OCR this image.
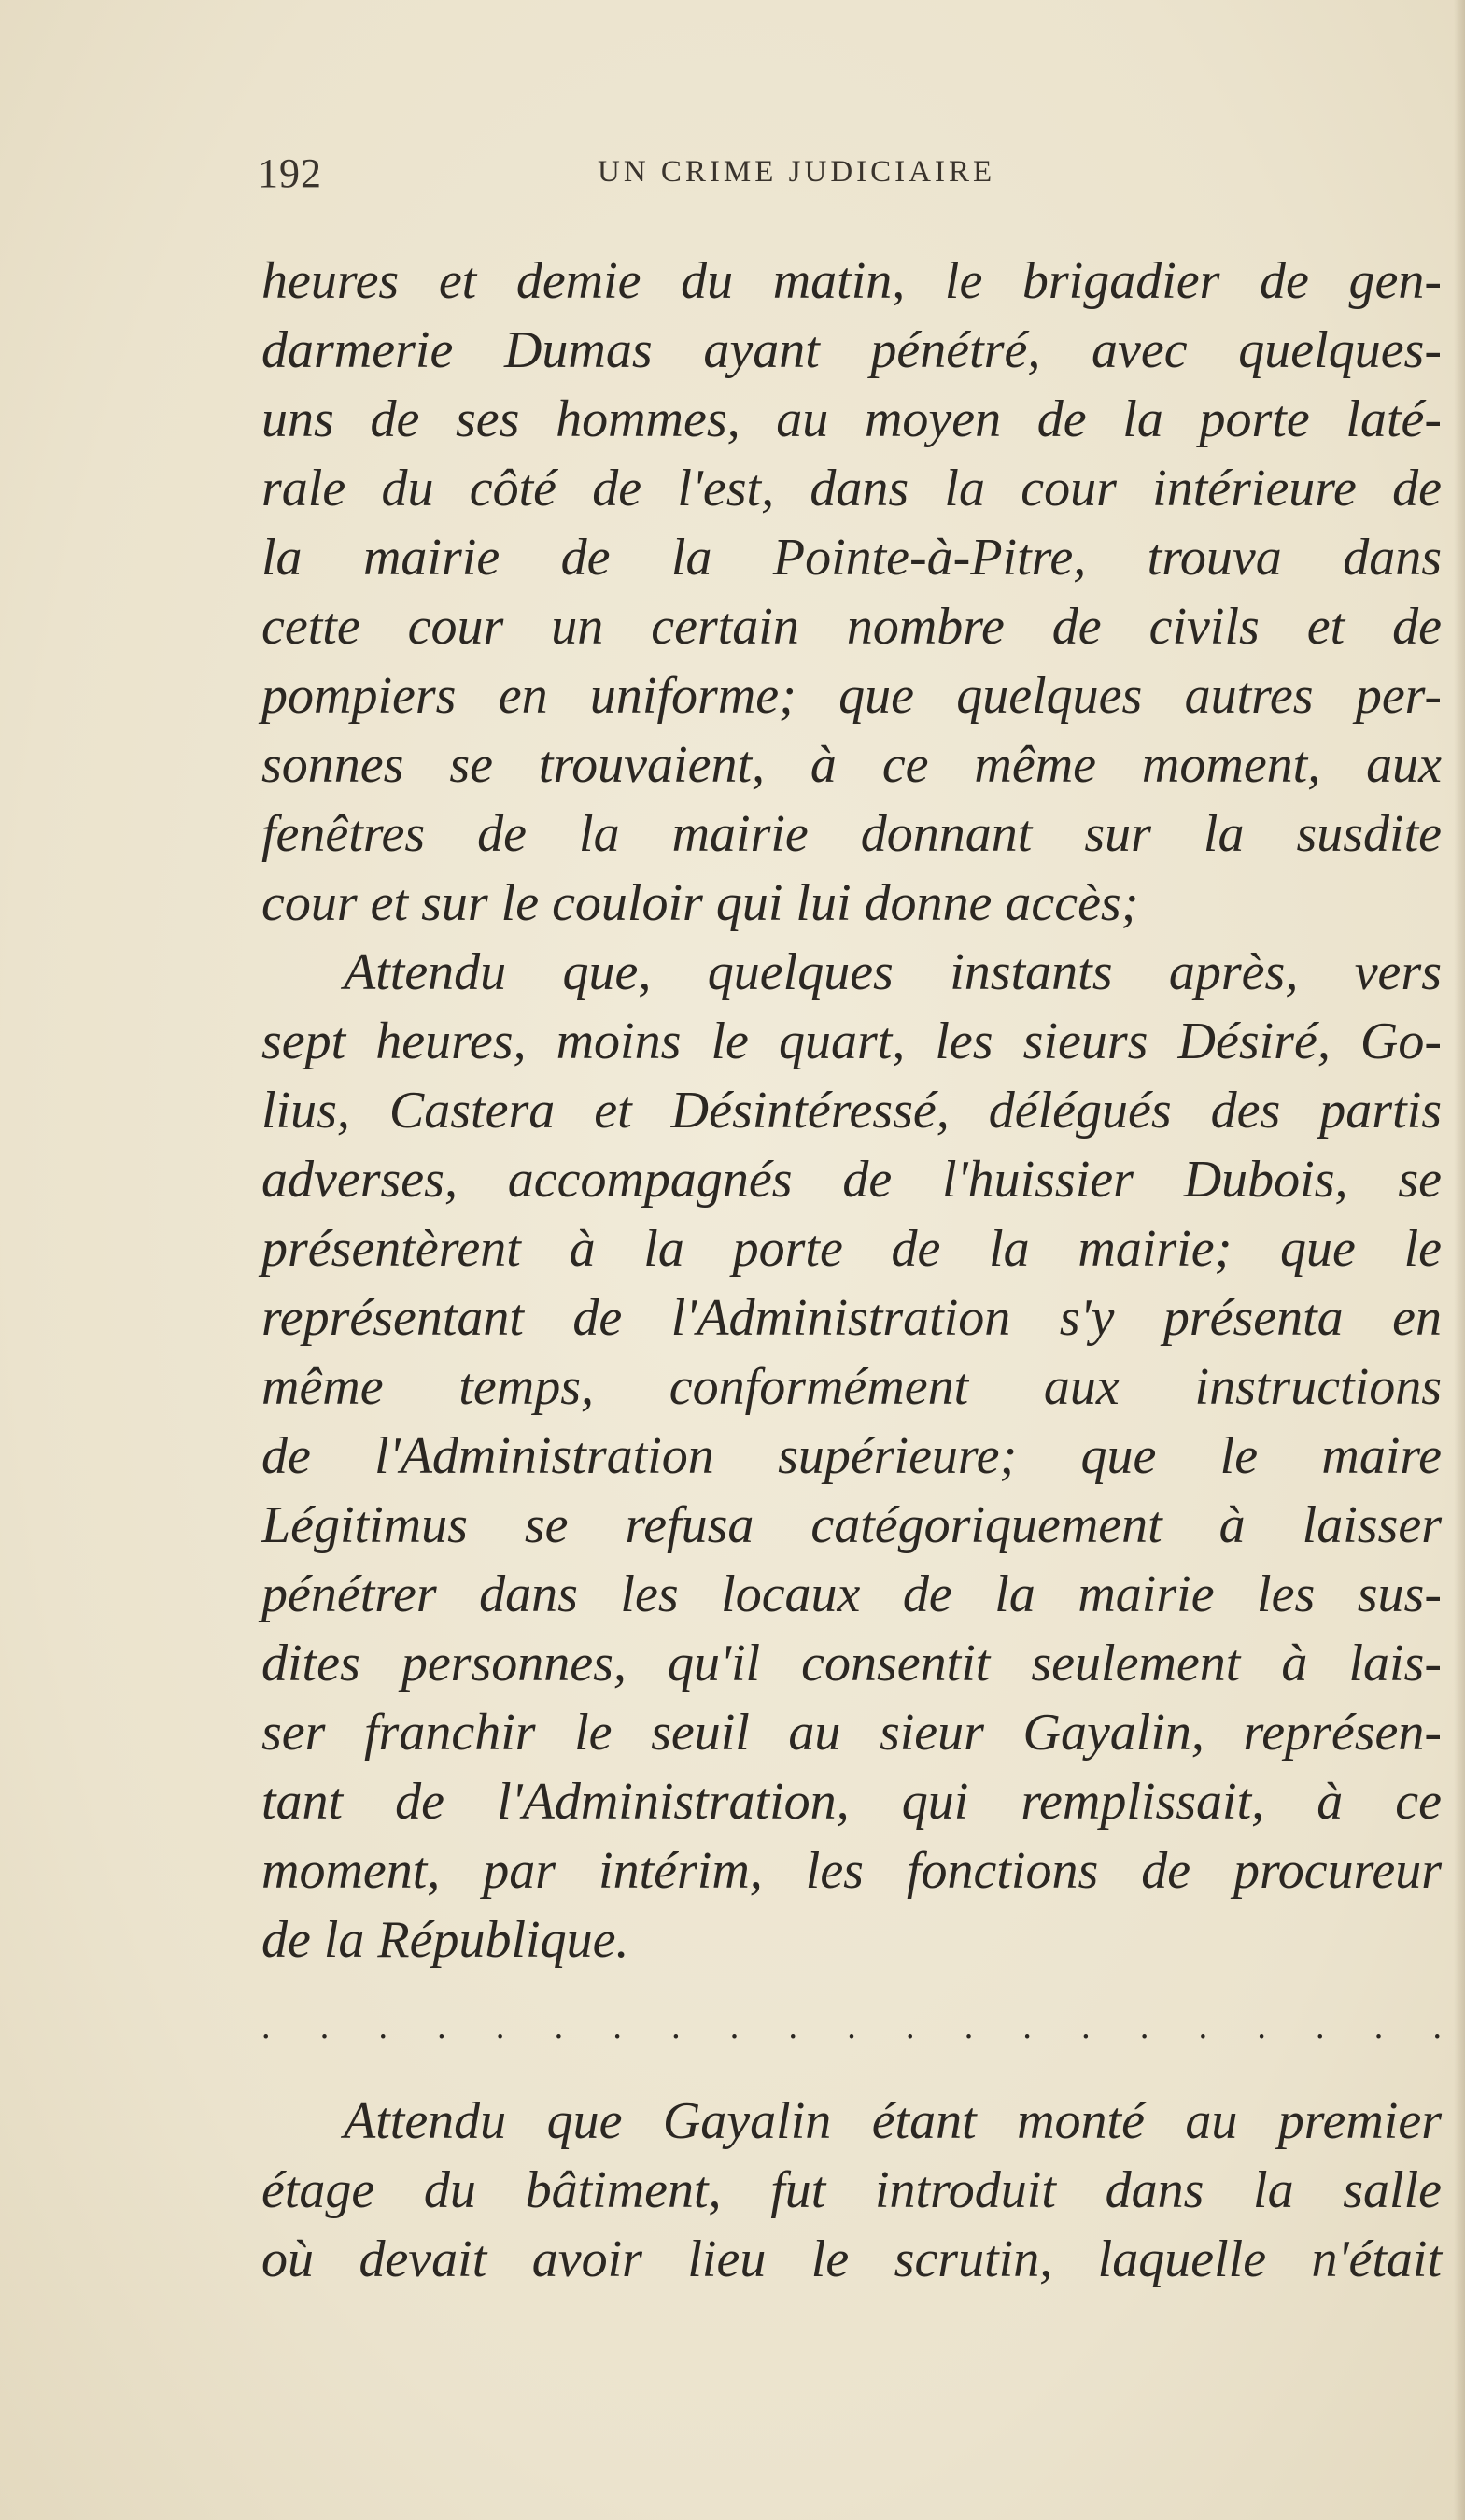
192	UN CRIME JUDICIAIRE
heures et demie du matin, le brigadier de gen-
darmerie Dumas ayant pénétré, avec quelques-
uns de ses hommes, au moyen de la porte laté-
rale du côté de l'est, dans la cour intérieure de
la mairie de la Pointe-à-Pitre, trouva dans
cette cour un certain nombre de civils et de
pompiers en uniforme; que quelques autres per-
sonnes se trouvaient, à ce même moment, aux
fenêtres de la mairie donnant sur la susdite
cour et sur le couloir qui lui donne accès;
Attendu que, quelques instants après, vers
sept heures, moins le quart, les sieurs Désiré, Go-
lius, Castera et Désintéressé, délégués des partis
adverses, accompagnés de l'huissier Dubois, se
présentèrent à la porte de la mairie; que le
représentant de l'Administration s'y présenta en
même temps, conformément aux instructions
de l'Administration supérieure; que le maire
Légitimus se refusa catégoriquement à laisser
pénétrer dans les locaux de la mairie les sus-
dites personnes, qu'il consentit seulement à lais-
ser franchir le seuil au sieur Gayalin, représen-
tant de l'Administration, qui remplissait, à ce
moment, par intérim, les fonctions de procureur
de la République.
. . . . . . . . . . . . . . . . . . . . .
Attendu que Gayalin étant monté au premier
étage du bâtiment, fut introduit dans la salle
où devait avoir lieu le scrutin, laquelle n'était
